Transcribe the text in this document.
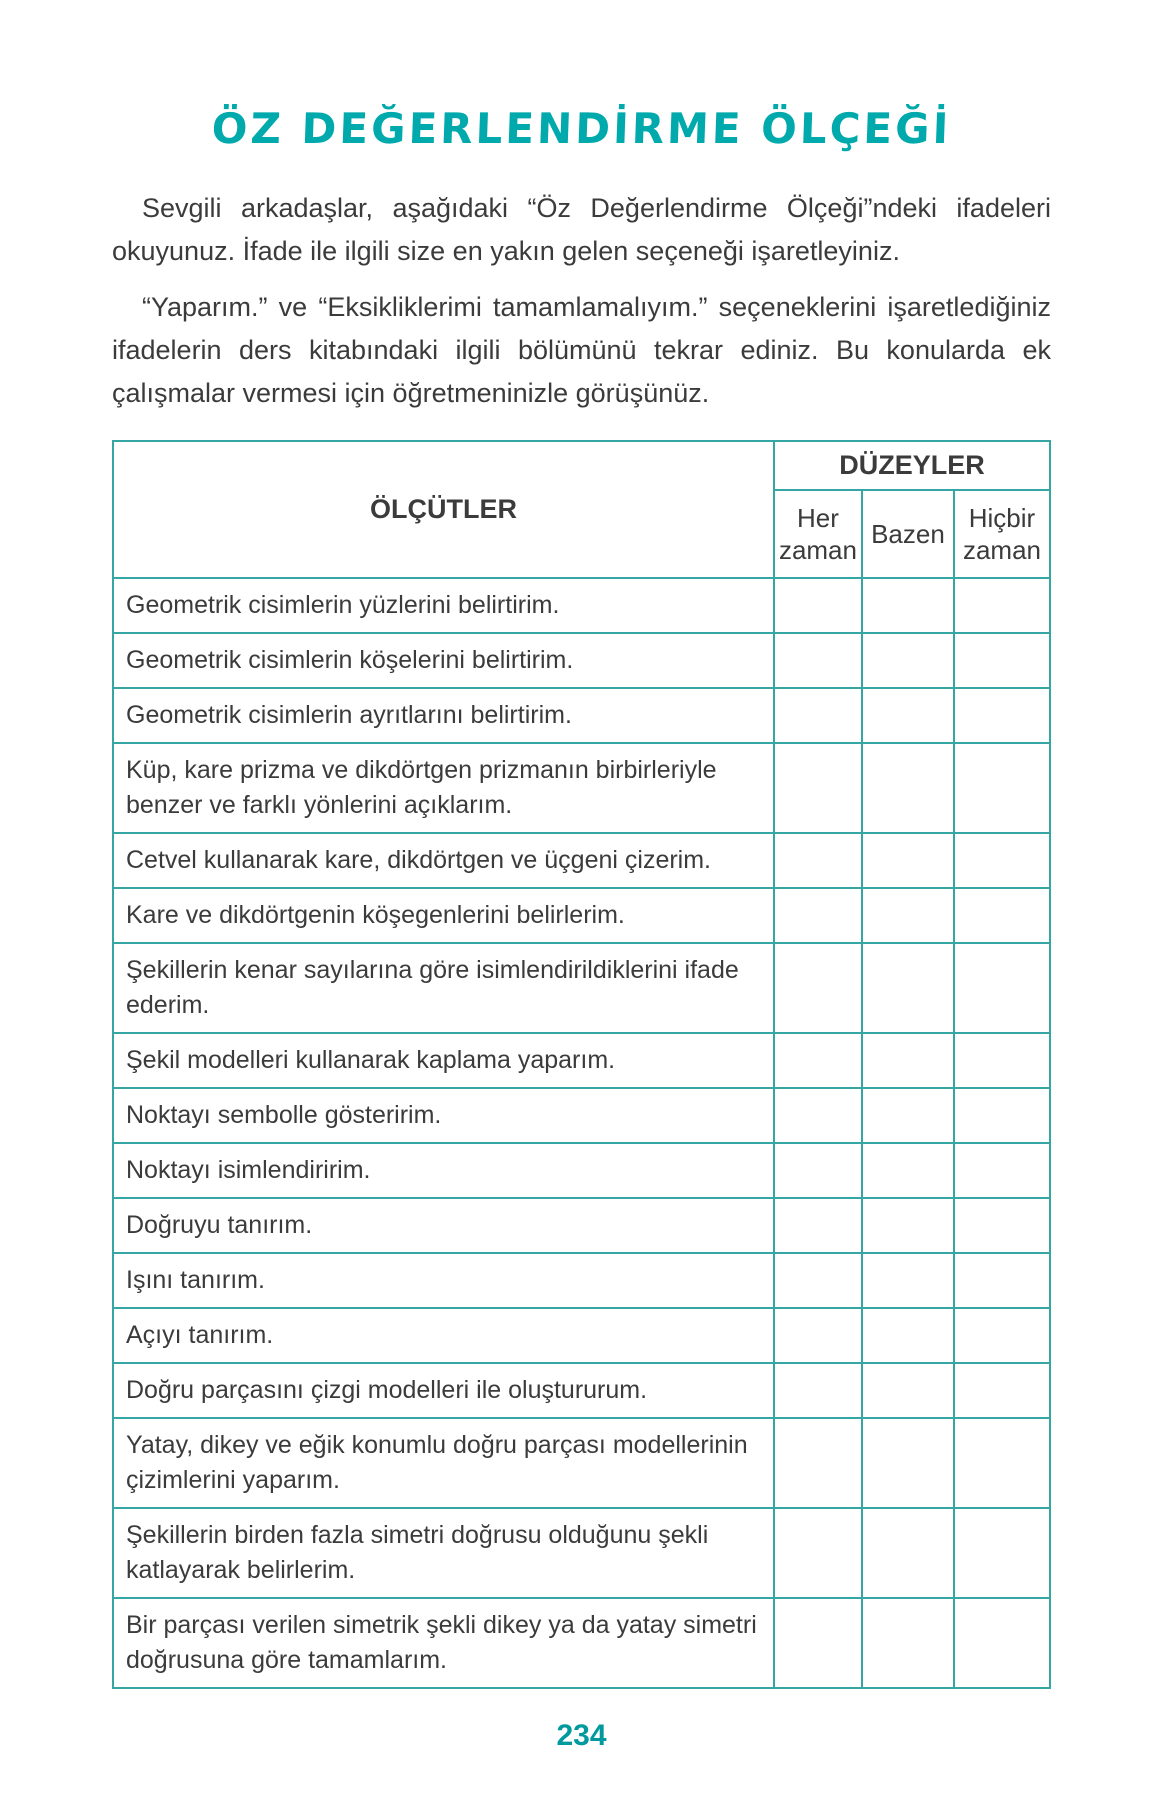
ÖZ DEĞERLENDİRME ÖLÇEĞİ

Sevgili arkadaşlar, aşağıdaki “Öz Değerlendirme Ölçeği”ndeki ifadeleri okuyunuz. İfade ile ilgili size en yakın gelen seçeneği işaretleyiniz.

“Yaparım.” ve “Eksikliklerimi tamamlamalıyım.” seçeneklerini işaretlediğiniz ifadelerin ders kitabındaki ilgili bölümünü tekrar ediniz. Bu konularda ek çalışmalar vermesi için öğretmeninizle görüşünüz.

ÖLÇÜTLER	DÜZEYLER		
	Her zaman	Bazen	Hiçbir zaman
Geometrik cisimlerin yüzlerini belirtirim.			
Geometrik cisimlerin köşelerini belirtirim.			
Geometrik cisimlerin ayrıtlarını belirtirim.			
Küp, kare prizma ve dikdörtgen prizmanın birbirleriyle benzer ve farklı yönlerini açıklarım.			
Cetvel kullanarak kare, dikdörtgen ve üçgeni çizerim.			
Kare ve dikdörtgenin köşegenlerini belirlerim.			
Şekillerin kenar sayılarına göre isimlendirildiklerini ifade ederim.			
Şekil modelleri kullanarak kaplama yaparım.			
Noktayı sembolle gösteririm.			
Noktayı isimlendiririm.			
Doğruyu tanırım.			
Işını tanırım.			
Açıyı tanırım.			
Doğru parçasını çizgi modelleri ile oluştururum.			
Yatay, dikey ve eğik konumlu doğru parçası modellerinin çizimlerini yaparım.			
Şekillerin birden fazla simetri doğrusu olduğunu şekli katlayarak belirlerim.			
Bir parçası verilen simetrik şekli dikey ya da yatay simetri doğrusuna göre tamamlarım.			
234
